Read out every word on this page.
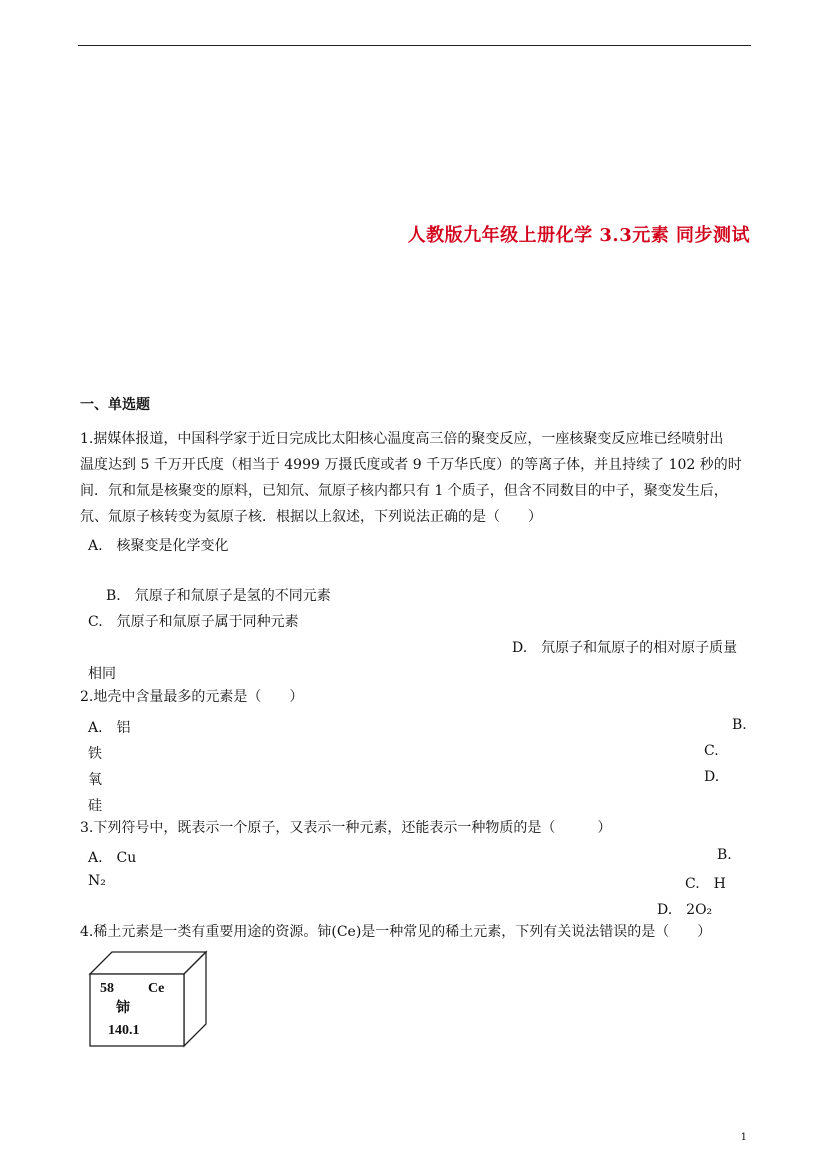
人教版九年级上册化学 3.3元素 同步测试
一、单选题
1.据媒体报道，中国科学家于近日完成比太阳核心温度高三倍的聚变反应，一座核聚变反应堆已经喷射出
温度达到 5 千万开氏度（相当于 4999 万摄氏度或者 9 千万华氏度）的等离子体，并且持续了 102 秒的时
间．氘和氚是核聚变的原料，已知氘、氚原子核内都只有 1 个质子，但含不同数目的中子，聚变发生后，
氘、氚原子核转变为氦原子核．根据以上叙述，下列说法正确的是（　　）
A.　核聚变是化学变化
B.　氘原子和氚原子是氢的不同元素
C.　氘原子和氚原子属于同种元素
D.　氘原子和氚原子的相对原子质量
相同
2.地壳中含量最多的元素是（　　）
A.　铝	B.
铁	C.
氧	D.
硅
3.下列符号中，既表示一个原子，又表示一种元素，还能表示一种物质的是（　　　）
A.　Cu	B.
N₂	C.　H
D.　2O₂
4.稀土元素是一类有重要用途的资源。铈(Ce)是一种常见的稀土元素，下列有关说法错误的是（　　）
58 Ce
铈
140.1
1
